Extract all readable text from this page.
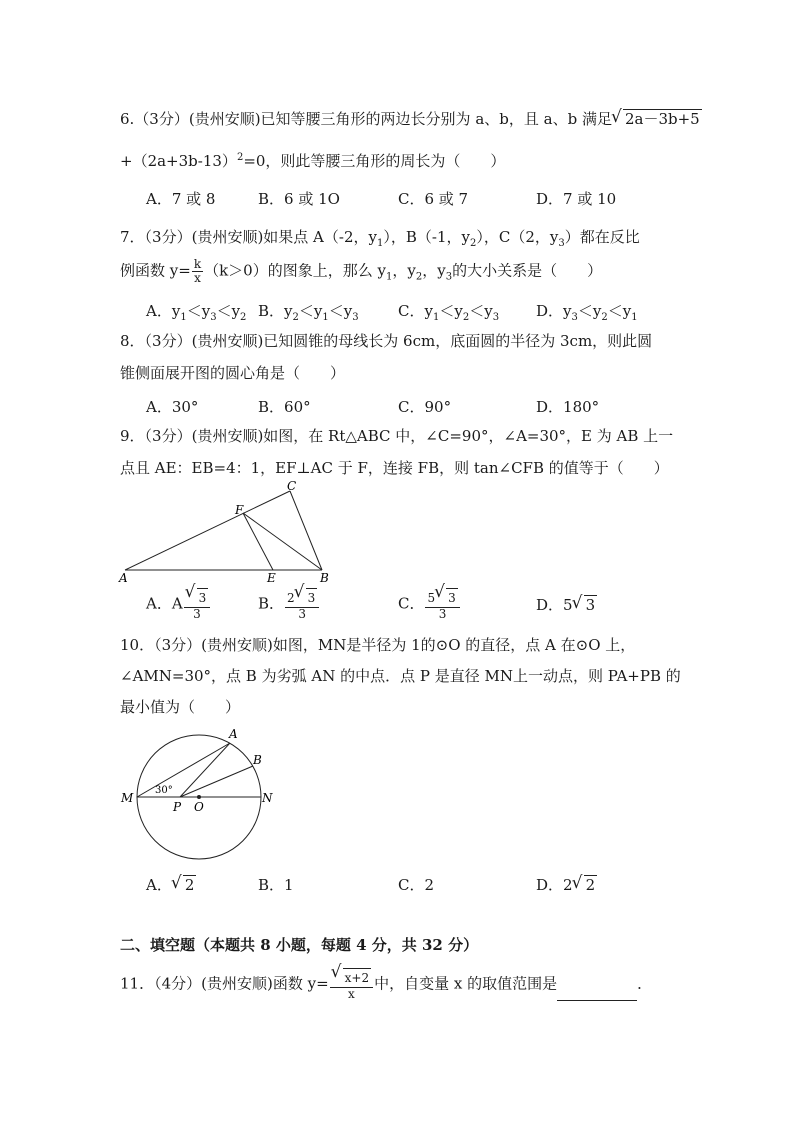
6.（3分）(贵州安顺)已知等腰三角形的两边长分别为 a、b，且 a、b 满足 √ 2a－3b+5
$+(2a+3b-13)^2=0$，则此等腰三角形的周长为（　　）
A．7 或 8	B．6 或 1O	C．6 或 7	D．7 或 10
7．（3分）(贵州安顺)如果点 A（-2，$y_1$），B（-1，$y_2$），C（2，$y_3$）都在反比
例函数 $y= \frac{k}{x} (k>0)$的图象上，那么 $y_1$，$y_2$，$y_3$的大小关系是（　　）
A．$y_1<y_3<y_2$ B．$y_2<y_1<y_3$	C．$y_1<y_2<y_3$ D．$y_3<y_2<y_1$
8．（3分）(贵州安顺)已知圆锥的母线长为 6cm，底面圆的半径为 3cm，则此圆
锥侧面展开图的圆心角是（　　）
A．30°	B．60°	C．90°	D．180°
9．（3分）(贵州安顺)如图，在 Rt△ABC 中，∠C=90°，∠A=30°，E 为 AB 上一
点且 AE：EB=4：1，EF⊥AC 于 F，连接 FB，则 tan∠CFB 的值等于（　　）
A	B
C
E
F
A．A √ $\frac{3}{3}$	B． $\frac{2 √ 3}{3}$	C． $\frac{5 √ 3}{3}$	D．5 √ 3
10．（3分）(贵州安顺)如图，MN是半径为 1的⊙O 的直径，点 A 在⊙O 上，
∠AMN=30°，点 B 为劣弧 AN 的中点．点 P 是直径 MN上一动点，则 PA+PB 的
最小值为（　　）
A
B
M	N
P O
30°
A． √ 2	B．1	C．2	D．2 √ 2
二、填空题（本题共 8 小题，每题 4 分，共 32 分）
11．（4分）(贵州安顺)函数 y= √ $\frac{x+2}{x}$ 中，自变量 x 的取值范围是	．
